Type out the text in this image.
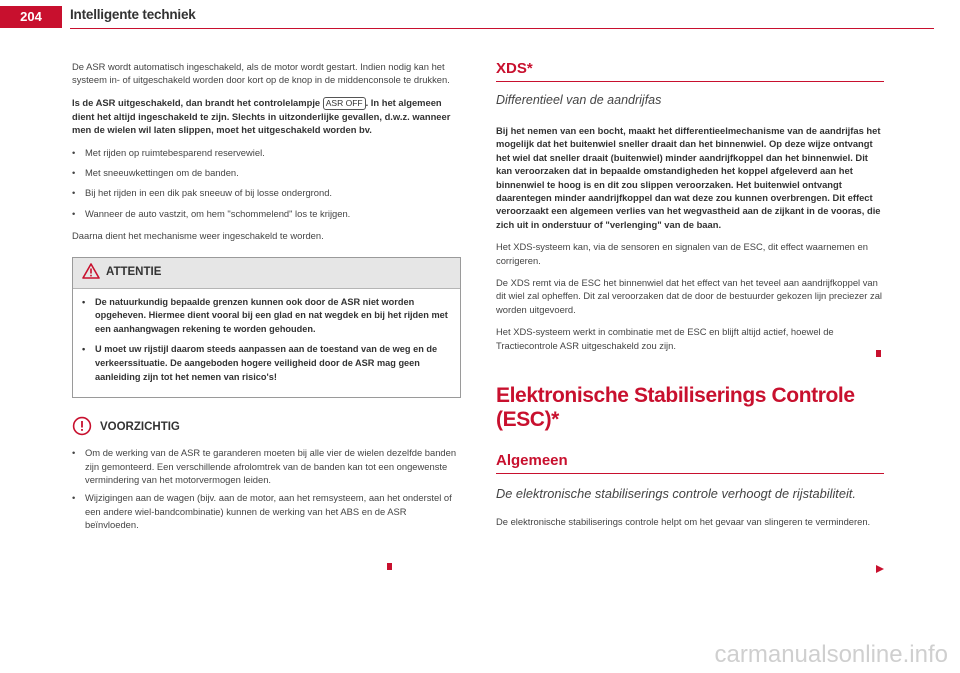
204	Intelligente techniek

De ASR wordt automatisch ingeschakeld, als de motor wordt gestart. Indien nodig kan het systeem in- of uitgeschakeld worden door kort op de knop in de middenconsole te drukken.

Is de ASR uitgeschakeld, dan brandt het controlelampje ASR OFF . In het algemeen dient het altijd ingeschakeld te zijn. Slechts in uitzonderlijke gevallen, d.w.z. wanneer men de wielen wil laten slippen, moet het uitgeschakeld worden bv.

• Met rijden op ruimtebesparend reservewiel.
• Met sneeuwkettingen om de banden.
• Bij het rijden in een dik pak sneeuw of bij losse ondergrond.
• Wanneer de auto vastzit, om hem "schommelend" los te krijgen.

Daarna dient het mechanisme weer ingeschakeld te worden.

ATTENTIE
• De natuurkundig bepaalde grenzen kunnen ook door de ASR niet worden opgeheven. Hiermee dient vooral bij een glad en nat wegdek en bij het rijden met een aanhangwagen rekening te worden gehouden.
• U moet uw rijstijl daarom steeds aanpassen aan de toestand van de weg en de verkeerssituatie. De aangeboden hogere veiligheid door de ASR mag geen aanleiding zijn tot het nemen van risico's!
VOORZICHTIG
• Om de werking van de ASR te garanderen moeten bij alle vier de wielen dezelfde banden zijn gemonteerd. Een verschillende afrolomtrek van de banden kan tot een ongewenste vermindering van het motorvermogen leiden.
• Wijzigingen aan de wagen (bijv. aan de motor, aan het remsysteem, aan het onderstel of een andere wiel-bandcombinatie) kunnen de werking van het ABS en de ASR beïnvloeden.
XDS*
Differentieel van de aandrijfas

Bij het nemen van een bocht, maakt het differentieelmechanisme van de aandrijfas het mogelijk dat het buitenwiel sneller draait dan het binnenwiel. Op deze wijze ontvangt het wiel dat sneller draait (buitenwiel) minder aandrijfkoppel dan het binnenwiel. Dit kan veroorzaken dat in bepaalde omstandigheden het koppel afgeleverd aan het binnenwiel te hoog is en dit zou slippen veroorzaken. Het buitenwiel ontvangt daarentegen minder aandrijfkoppel dan wat deze zou kunnen overbrengen. Dit effect veroorzaakt een algemeen verlies van het wegvastheid aan de zijkant in de vooras, die zich uit in onderstuur of "verlenging" van de baan.

Het XDS-systeem kan, via de sensoren en signalen van de ESC, dit effect waarnemen en corrigeren.

De XDS remt via de ESC het binnenwiel dat het effect van het teveel aan aandrijfkoppel van dit wiel zal opheffen. Dit zal veroorzaken dat de door de bestuurder gekozen lijn preciezer zal worden uitgevoerd.

Het XDS-systeem werkt in combinatie met de ESC en blijft altijd actief, hoewel de Tractiecontrole ASR uitgeschakeld zou zijn.

Elektronische Stabiliserings Controle (ESC)*
Algemeen
De elektronische stabiliserings controle verhoogt de rijstabiliteit.

De elektronische stabiliserings controle helpt om het gevaar van slingeren te verminderen.

carmanualsonline.info
